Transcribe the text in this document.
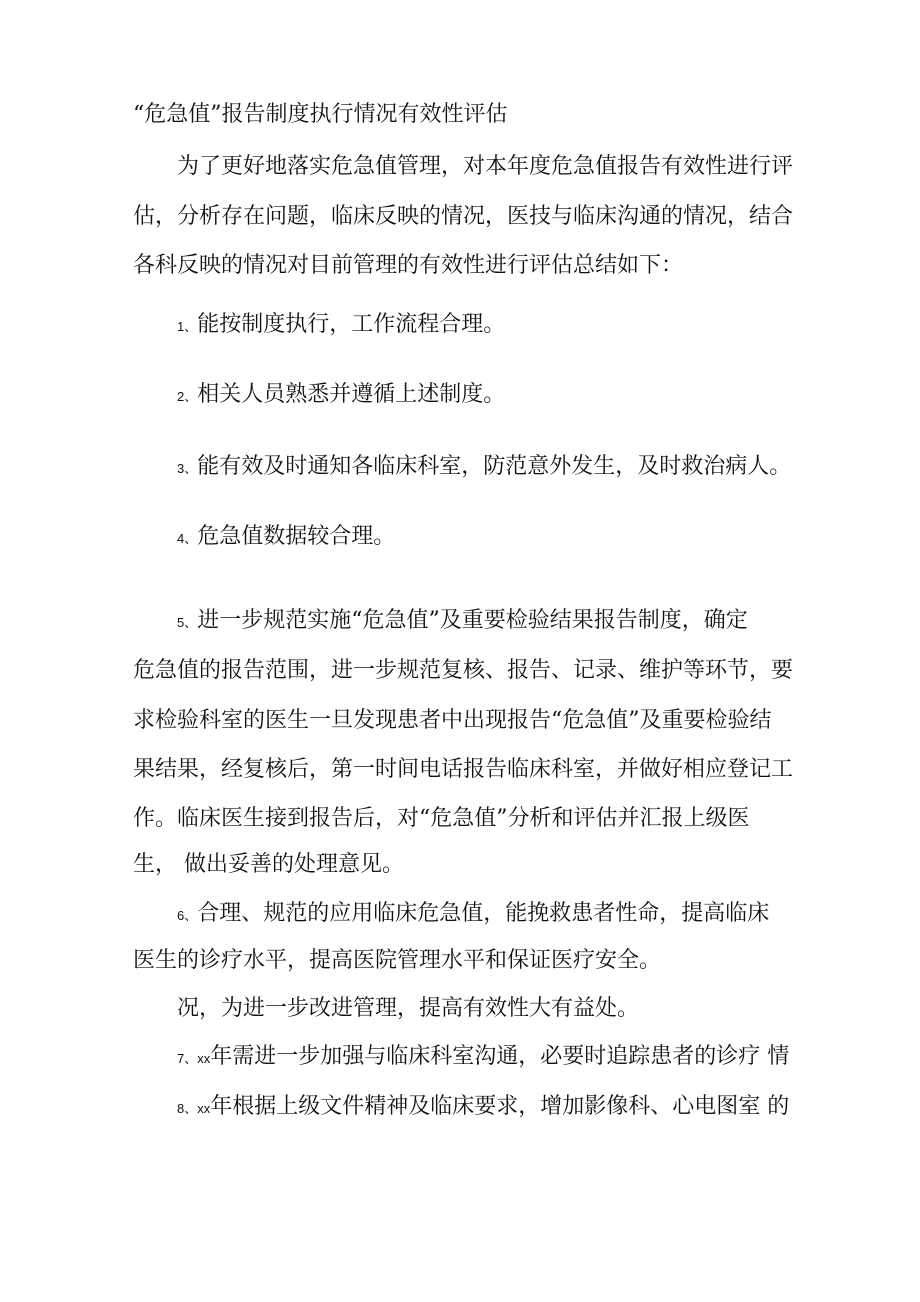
“危急值”报告制度执行情况有效性评估

为了更好地落实危急值管理，对本年度危急值报告有效性进行评

估，分析存在问题，临床反映的情况，医技与临床沟通的情况，结合

各科反映的情况对目前管理的有效性进行评估总结如下：

1、能按制度执行，工作流程合理。

2、相关人员熟悉并遵循上述制度。

3、能有效及时通知各临床科室，防范意外发生，及时救治病人。

4、危急值数据较合理。

5、进一步规范实施“危急值”及重要检验结果报告制度，确定

危急值的报告范围，进一步规范复核、报告、记录、维护等环节，要

求检验科室的医生一旦发现患者中出现报告“危急值”及重要检验结

果结果，经复核后，第一时间电话报告临床科室，并做好相应登记工

作。临床医生接到报告后，对“危急值”分析和评估并汇报上级医

生， 做出妥善的处理意见。

6、合理、规范的应用临床危急值，能挽救患者性命，提高临床

医生的诊疗水平，提高医院管理水平和保证医疗安全。

况，为进一步改进管理，提高有效性大有益处。

7、xx年需进一步加强与临床科室沟通，必要时追踪患者的诊疗 情

8、xx年根据上级文件精神及临床要求，增加影像科、心电图室 的
